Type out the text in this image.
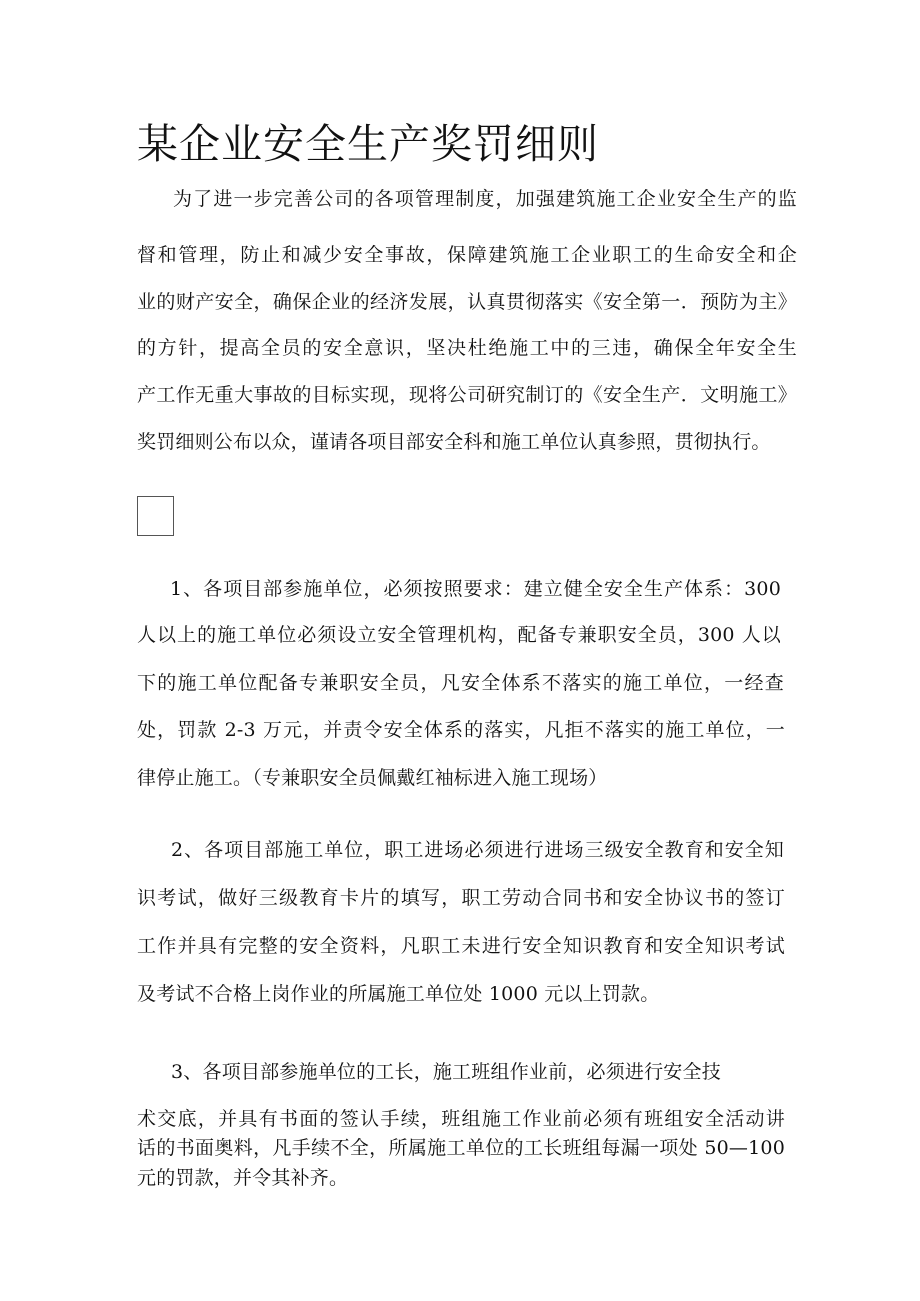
某企业安全生产奖罚细则
为了进一步完善公司的各项管理制度，加强建筑施工企业安全生产的监
督和管理，防止和减少安全事故，保障建筑施工企业职工的生命安全和企
业的财产安全，确保企业的经济发展，认真贯彻落实《安全第一．预防为主》
的方针，提高全员的安全意识，坚决杜绝施工中的三违，确保全年安全生
产工作无重大事故的目标实现，现将公司研究制订的《安全生产．文明施工》
奖罚细则公布以众，谨请各项目部安全科和施工单位认真参照，贯彻执行。
1、各项目部参施单位，必须按照要求：建立健全安全生产体系：300
人以上的施工单位必须设立安全管理机构，配备专兼职安全员，300 人以
下的施工单位配备专兼职安全员，凡安全体系不落实的施工单位，一经查
处，罚款 2-3 万元，并责令安全体系的落实，凡拒不落实的施工单位，一
律停止施工。（专兼职安全员佩戴红袖标进入施工现场）
2、各项目部施工单位，职工进场必须进行进场三级安全教育和安全知
识考试，做好三级教育卡片的填写，职工劳动合同书和安全协议书的签订
工作并具有完整的安全资料，凡职工未进行安全知识教育和安全知识考试
及考试不合格上岗作业的所属施工单位处 1000 元以上罚款。
3、各项目部参施单位的工长，施工班组作业前，必须进行安全技
术交底，并具有书面的签认手续，班组施工作业前必须有班组安全活动讲
话的书面奥料，凡手续不全，所属施工单位的工长班组每漏一项处 50—100
元的罚款，并令其补齐。
